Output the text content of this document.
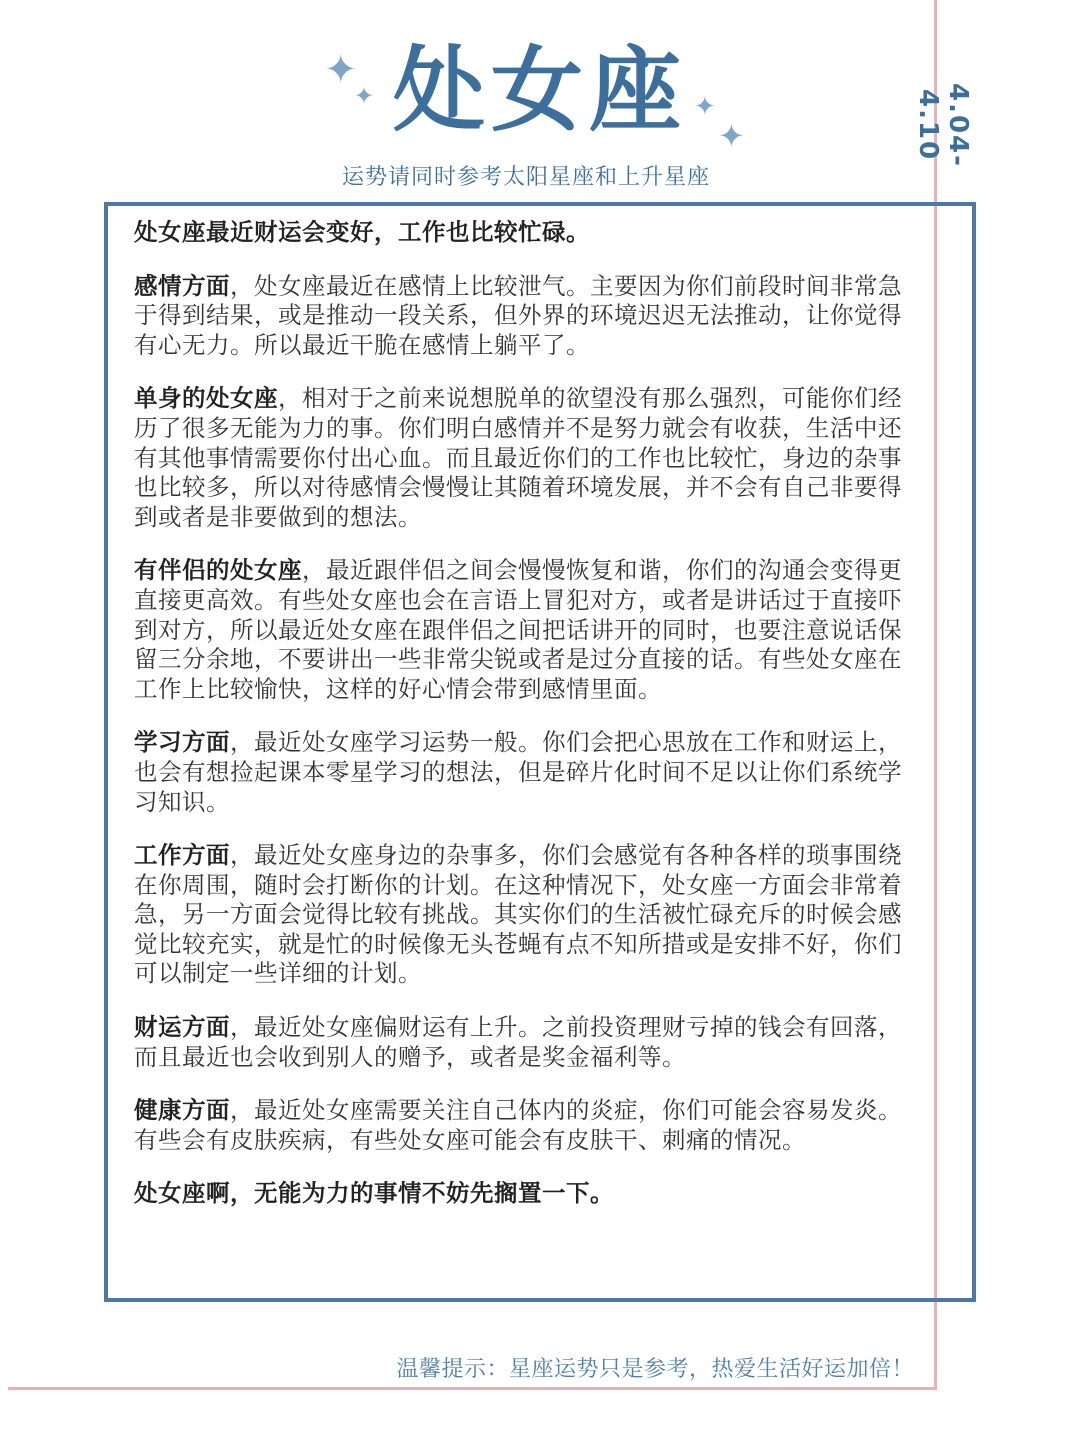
✦
✦	✦
✦
处女座
运势请同时参考太阳星座和上升星座
4.04-4.10

处女座最近财运会变好，工作也比较忙碌。

感情方面，处女座最近在感情上比较泄气。主要因为你们前段时间非常急于得到结果，或是推动一段关系，但外界的环境迟迟无法推动，让你觉得有心无力。所以最近干脆在感情上躺平了。

单身的处女座，相对于之前来说想脱单的欲望没有那么强烈，可能你们经历了很多无能为力的事。你们明白感情并不是努力就会有收获，生活中还有其他事情需要你付出心血。而且最近你们的工作也比较忙，身边的杂事也比较多，所以对待感情会慢慢让其随着环境发展，并不会有自己非要得到或者是非要做到的想法。

有伴侣的处女座，最近跟伴侣之间会慢慢恢复和谐，你们的沟通会变得更直接更高效。有些处女座也会在言语上冒犯对方，或者是讲话过于直接吓到对方，所以最近处女座在跟伴侣之间把话讲开的同时，也要注意说话保留三分余地，不要讲出一些非常尖锐或者是过分直接的话。有些处女座在工作上比较愉快，这样的好心情会带到感情里面。

学习方面，最近处女座学习运势一般。你们会把心思放在工作和财运上，也会有想捡起课本零星学习的想法，但是碎片化时间不足以让你们系统学习知识。

工作方面，最近处女座身边的杂事多，你们会感觉有各种各样的琐事围绕在你周围，随时会打断你的计划。在这种情况下，处女座一方面会非常着急，另一方面会觉得比较有挑战。其实你们的生活被忙碌充斥的时候会感觉比较充实，就是忙的时候像无头苍蝇有点不知所措或是安排不好，你们可以制定一些详细的计划。

财运方面，最近处女座偏财运有上升。之前投资理财亏掉的钱会有回落，而且最近也会收到别人的赠予，或者是奖金福利等。

健康方面，最近处女座需要关注自己体内的炎症，你们可能会容易发炎。 有些会有皮肤疾病，有些处女座可能会有皮肤干、刺痛的情况。

处女座啊，无能为力的事情不妨先搁置一下。

温馨提示：星座运势只是参考，热爱生活好运加倍！
